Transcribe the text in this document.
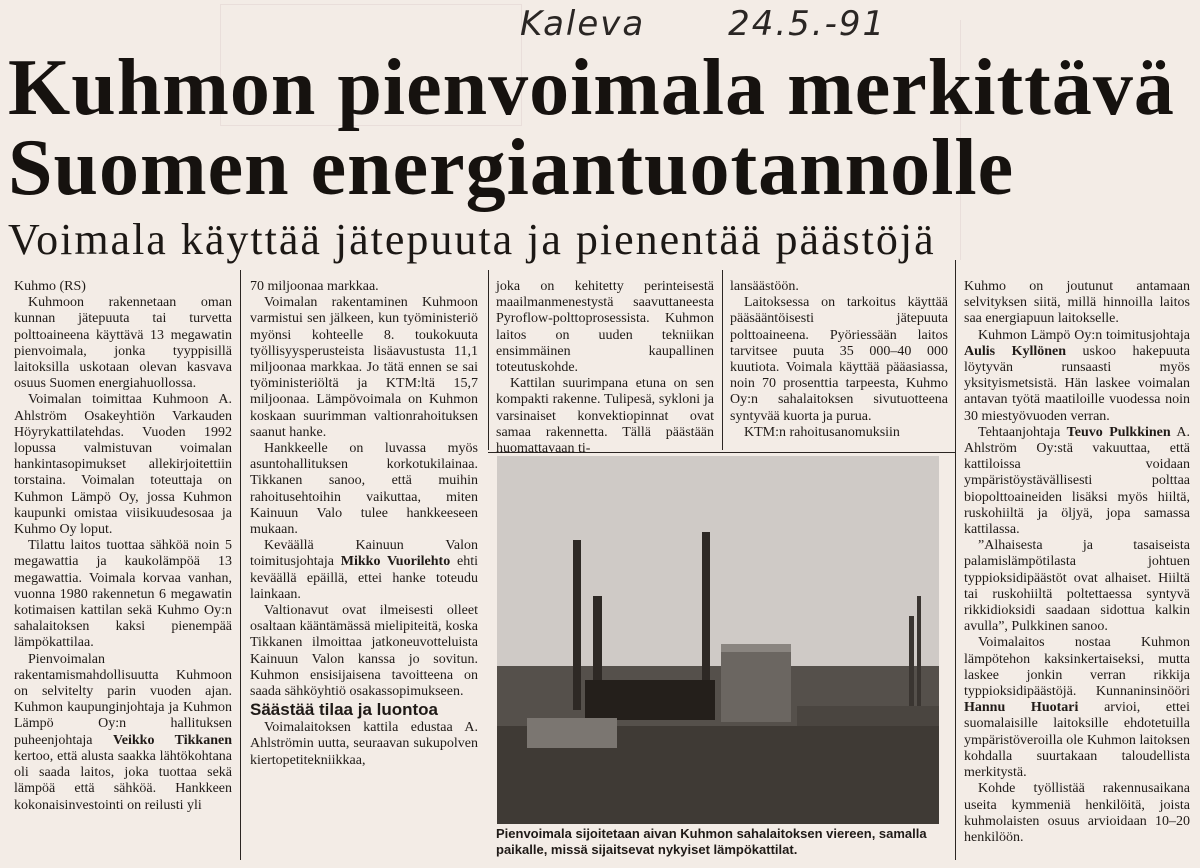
Kaleva 24.5.-91
Kuhmon pienvoimala merkittävä
Suomen energiantuotannolle
Voimala käyttää jätepuuta ja pienentää päästöjä

Kuhmo (RS)

Kuhmoon rakennetaan oman kunnan jätepuuta tai turvetta polttoaineena käyttävä 13 megawatin pienvoimala, jonka tyyppisillä laitoksilla uskotaan olevan kasvava osuus Suomen energiahuollossa.

Voimalan toimittaa Kuhmoon A. Ahlström Osakeyhtiön Varkauden Höyrykattilatehdas. Vuoden 1992 lopussa valmistuvan voimalan hankintasopimukset allekirjoitettiin torstaina. Voimalan toteuttaja on Kuhmon Lämpö Oy, jossa Kuhmon kaupunki omistaa viisikuudesosaa ja Kuhmo Oy loput.

Tilattu laitos tuottaa sähköä noin 5 megawattia ja kaukolämpöä 13 megawattia. Voimala korvaa vanhan, vuonna 1980 rakennetun 6 megawatin kotimaisen kattilan sekä Kuhmo Oy:n sahalaitoksen kaksi pienempää lämpökattilaa.

Pienvoimalan rakentamismahdollisuutta Kuhmoon on selvitelty parin vuoden ajan. Kuhmon kaupunginjohtaja ja Kuhmon Lämpö Oy:n hallituksen puheenjohtaja Veikko Tikkanen kertoo, että alusta saakka lähtökohtana oli saada laitos, joka tuottaa sekä lämpöä että sähköä. Hankkeen kokonaisinvestointi on reilusti yli

70 miljoonaa markkaa.

Voimalan rakentaminen Kuhmoon varmistui sen jälkeen, kun työministeriö myönsi kohteelle 8. toukokuuta työllisyysperusteista lisäavustusta 11,1 miljoonaa markkaa. Jo tätä ennen se sai työministeriöltä ja KTM:ltä 15,7 miljoonaa. Lämpövoimala on Kuhmon koskaan suurimman valtionrahoituksen saanut hanke.

Hankkeelle on luvassa myös asuntohallituksen korkotukilainaa. Tikkanen sanoo, että muihin rahoitusehtoihin vaikuttaa, miten Kainuun Valo tulee hankkeeseen mukaan.

Keväällä Kainuun Valon toimitusjohtaja Mikko Vuorilehto ehti keväällä epäillä, ettei hanke toteudu lainkaan.

Valtionavut ovat ilmeisesti olleet osaltaan kääntämässä mielipiteitä, koska Tikkanen ilmoittaa jatkoneuvotteluista Kainuun Valon kanssa jo sovitun. Kuhmon ensisijaisena tavoitteena on saada sähköyhtiö osakassopimukseen.

Säästää tilaa ja luontoa

Voimalaitoksen kattila edustaa A. Ahlströmin uutta, seuraavan sukupolven kiertopetitekniikkaa,

joka on kehitetty perinteisestä maailmanmenestystä saavuttaneesta Pyroflow-polttoprosessista. Kuhmon laitos on uuden tekniikan ensimmäinen kaupallinen toteutuskohde.

Kattilan suurimpana etuna on sen kompakti rakenne. Tulipesä, sykloni ja varsinaiset konvektiopinnat ovat samaa rakennetta. Tällä päästään huomattavaan ti-

lansäästöön.

Laitoksessa on tarkoitus käyttää pääsääntöisesti jätepuuta polttoaineena. Pyöriessään laitos tarvitsee puuta 35 000–40 000 kuutiota. Voimala käyttää pääasiassa, noin 70 prosenttia tarpeesta, Kuhmo Oy:n sahalaitoksen sivutuotteena syntyvää kuorta ja purua.

KTM:n rahoitusanomuksiin

Kuhmo on joutunut antamaan selvityksen siitä, millä hinnoilla laitos saa energiapuun laitokselle.

Kuhmon Lämpö Oy:n toimitusjohtaja Aulis Kyllönen uskoo hakepuuta löytyvän runsaasti myös yksityismetsistä. Hän laskee voimalan antavan työtä maatiloille vuodessa noin 30 miestyövuoden verran.

Tehtaanjohtaja Teuvo Pulkkinen A. Ahlström Oy:stä vakuuttaa, että kattiloissa voidaan ympäristöystävällisesti polttaa biopolttoaineiden lisäksi myös hiiltä, ruskohiiltä ja öljyä, jopa samassa kattilassa.

”Alhaisesta ja tasaiseista palamislämpötilasta johtuen typpioksidipäästöt ovat alhaiset. Hiiltä tai ruskohiiltä poltettaessa syntyvä rikkidioksidi saadaan sidottua kalkin avulla”, Pulkkinen sanoo.

Voimalaitos nostaa Kuhmon lämpötehon kaksinkertaiseksi, mutta laskee jonkin verran rikkija typpioksidipäästöjä. Kunnaninsinööri Hannu Huotari arvioi, ettei suomalaisille laitoksille ehdotetuilla ympäristöveroilla ole Kuhmon laitoksen kohdalla suurtakaan taloudellista merkitystä.

Kohde työllistää rakennusaikana useita kymmeniä henkilöitä, joista kuhmolaisten osuus arvioidaan 10–20 henkilöön.

Pienvoimala sijoitetaan aivan Kuhmon sahalaitoksen viereen, samalla paikalle, missä sijaitsevat nykyiset lämpökattilat.
